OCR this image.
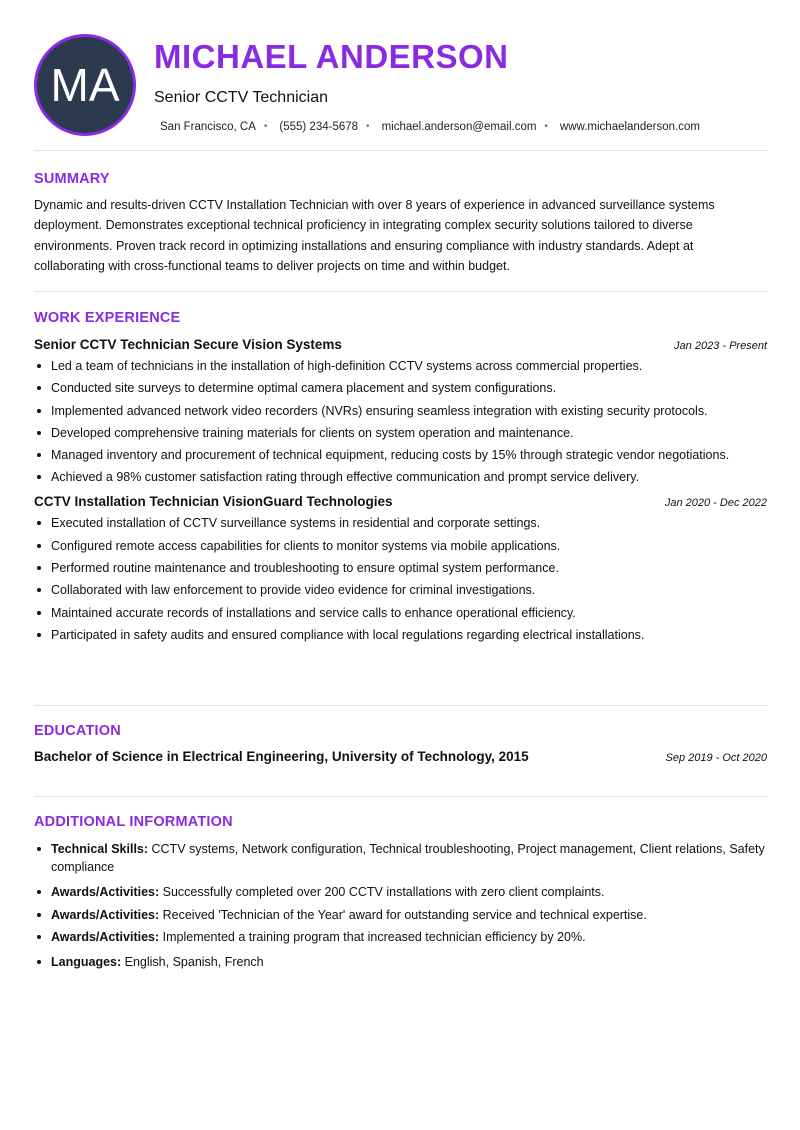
MA
MICHAEL ANDERSON
Senior CCTV Technician
San Francisco, CA • (555) 234-5678 • michael.anderson@email.com • www.michaelanderson.com
SUMMARY

Dynamic and results-driven CCTV Installation Technician with over 8 years of experience in advanced surveillance systems deployment. Demonstrates exceptional technical proficiency in integrating complex security solutions tailored to diverse environments. Proven track record in optimizing installations and ensuring compliance with industry standards. Adept at collaborating with cross-functional teams to deliver projects on time and within budget.

WORK EXPERIENCE
Senior CCTV Technician Secure Vision Systems	Jan 2023 - Present
Led a team of technicians in the installation of high-definition CCTV systems across commercial properties.
Conducted site surveys to determine optimal camera placement and system configurations.
Implemented advanced network video recorders (NVRs) ensuring seamless integration with existing security protocols.
Developed comprehensive training materials for clients on system operation and maintenance.
Managed inventory and procurement of technical equipment, reducing costs by 15% through strategic vendor negotiations.
Achieved a 98% customer satisfaction rating through effective communication and prompt service delivery.
CCTV Installation Technician VisionGuard Technologies	Jan 2020 - Dec 2022
Executed installation of CCTV surveillance systems in residential and corporate settings.
Configured remote access capabilities for clients to monitor systems via mobile applications.
Performed routine maintenance and troubleshooting to ensure optimal system performance.
Collaborated with law enforcement to provide video evidence for criminal investigations.
Maintained accurate records of installations and service calls to enhance operational efficiency.
Participated in safety audits and ensured compliance with local regulations regarding electrical installations.
EDUCATION
Bachelor of Science in Electrical Engineering, University of Technology, 2015	Sep 2019 - Oct 2020
ADDITIONAL INFORMATION
Technical Skills: CCTV systems, Network configuration, Technical troubleshooting, Project management, Client relations, Safety compliance
Awards/Activities: Successfully completed over 200 CCTV installations with zero client complaints.
Awards/Activities: Received 'Technician of the Year' award for outstanding service and technical expertise.
Awards/Activities: Implemented a training program that increased technician efficiency by 20%.
Languages: English, Spanish, French
